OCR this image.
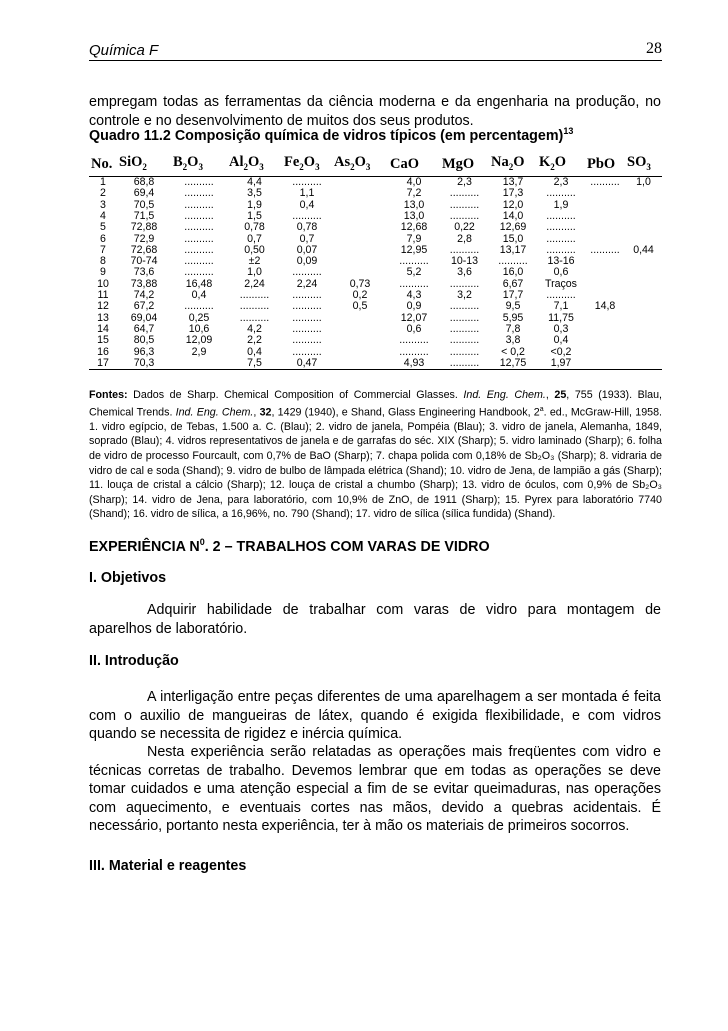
Química F	28
empregam todas as ferramentas da ciência moderna e da engenharia na produção, no controle e no desenvolvimento de muitos dos seus produtos.
Quadro 11.2 Composição química de vidros típicos (em percentagem)$^{13}$
No.	SiO$_2$	$B_2O_3$	$Al_2O_3$	$Fe_2O_3$	$As_2O_3$	CaO	MgO	$Na_2O$	$K_2O$	PbO	$SO_3$
1	68,8	..........	4,4	..........		4,0	2,3	13,7	2,3	..........	1,0
2	69,4	..........	3,5	1,1		7,2	..........	17,3	..........		
3	70,5	..........	1,9	0,4		13,0	..........	12,0	1,9		
4	71,5	..........	1,5	..........		13,0	..........	14,0	..........		
5	72,88	..........	0,78	0,78		12,68	0,22	12,69	..........		
6	72,9	..........	0,7	0,7		7,9	2,8	15,0	..........		
7	72,68	..........	0,50	0,07		12,95	..........	13,17	..........	..........	0,44
8	70-74	..........	±2	0,09		..........	10-13	..........	13-16		
9	73,6	..........	1,0	..........		5,2	3,6	16,0	0,6		
10	73,88	16,48	2,24	2,24	0,73	..........	..........	6,67	Traços		
11	74,2	0,4	..........	..........	0,2	4,3	3,2	17,7	..........		
12	67,2	..........	..........	..........	0,5	0,9	..........	9,5	7,1	14,8	
13	69,04	0,25	..........	..........		12,07	..........	5,95	11,75		
14	64,7	10,6	4,2	..........		0,6	..........	7,8	0,3		
15	80,5	12,09	2,2	..........		..........	..........	3,8	0,4		
16	96,3	2,9	0,4	..........		..........	..........	< 0,2	<0,2		
17	70,3		7,5	0,47		4,93	..........	12,75	1,97		
Fontes: Dados de Sharp. Chemical Composition of Commercial Glasses. Ind. Eng. Chem., 25, 755 (1933). Blau, Chemical Trends. Ind. Eng. Chem., 32, 1429 (1940), e Shand, Glass Engineering Handbook, 2$^a$. ed., McGraw-Hill, 1958. 1. vidro egípcio, de Tebas, 1.500 a. C. (Blau); 2. vidro de janela, Pompéia (Blau); 3. vidro de janela, Alemanha, 1849, soprado (Blau); 4. vidros representativos de janela e de garrafas do séc. XIX (Sharp); 5. vidro laminado (Sharp); 6. folha de vidro de processo Fourcault, com 0,7% de BaO (Sharp); 7. chapa polida com 0,18% de Sb₂O₃ (Sharp); 8. vidraria de vidro de cal e soda (Shand); 9. vidro de bulbo de lâmpada elétrica (Shand); 10. vidro de Jena, de lampião a gás (Sharp); 11. louça de cristal a cálcio (Sharp); 12. louça de cristal a chumbo (Sharp); 13. vidro de óculos, com 0,9% de Sb₂O₃ (Sharp); 14. vidro de Jena, para laboratório, com 10,9% de ZnO, de 1911 (Sharp); 15. Pyrex para laboratório 7740 (Shand); 16. vidro de sílica, a 16,96%, no. 790 (Shand); 17. vidro de sílica (sílica fundida) (Shand).
EXPERIÊNCIA $N^0$. 2 – TRABALHOS COM VARAS DE VIDRO
I. Objetivos
Adquirir habilidade de trabalhar com varas de vidro para montagem de aparelhos de laboratório.
II. Introdução
A interligação entre peças diferentes de uma aparelhagem a ser montada é feita com o auxilio de mangueiras de látex, quando é exigida flexibilidade, e com vidros quando se necessita de rigidez e inércia química.
Nesta experiência serão relatadas as operações mais freqüentes com vidro e técnicas corretas de trabalho. Devemos lembrar que em todas as operações se deve tomar cuidados e uma atenção especial a fim de se evitar queimaduras, nas operações com aquecimento, e eventuais cortes nas mãos, devido a quebras acidentais. É necessário, portanto nesta experiência, ter à mão os materiais de primeiros socorros.
III. Material e reagentes
